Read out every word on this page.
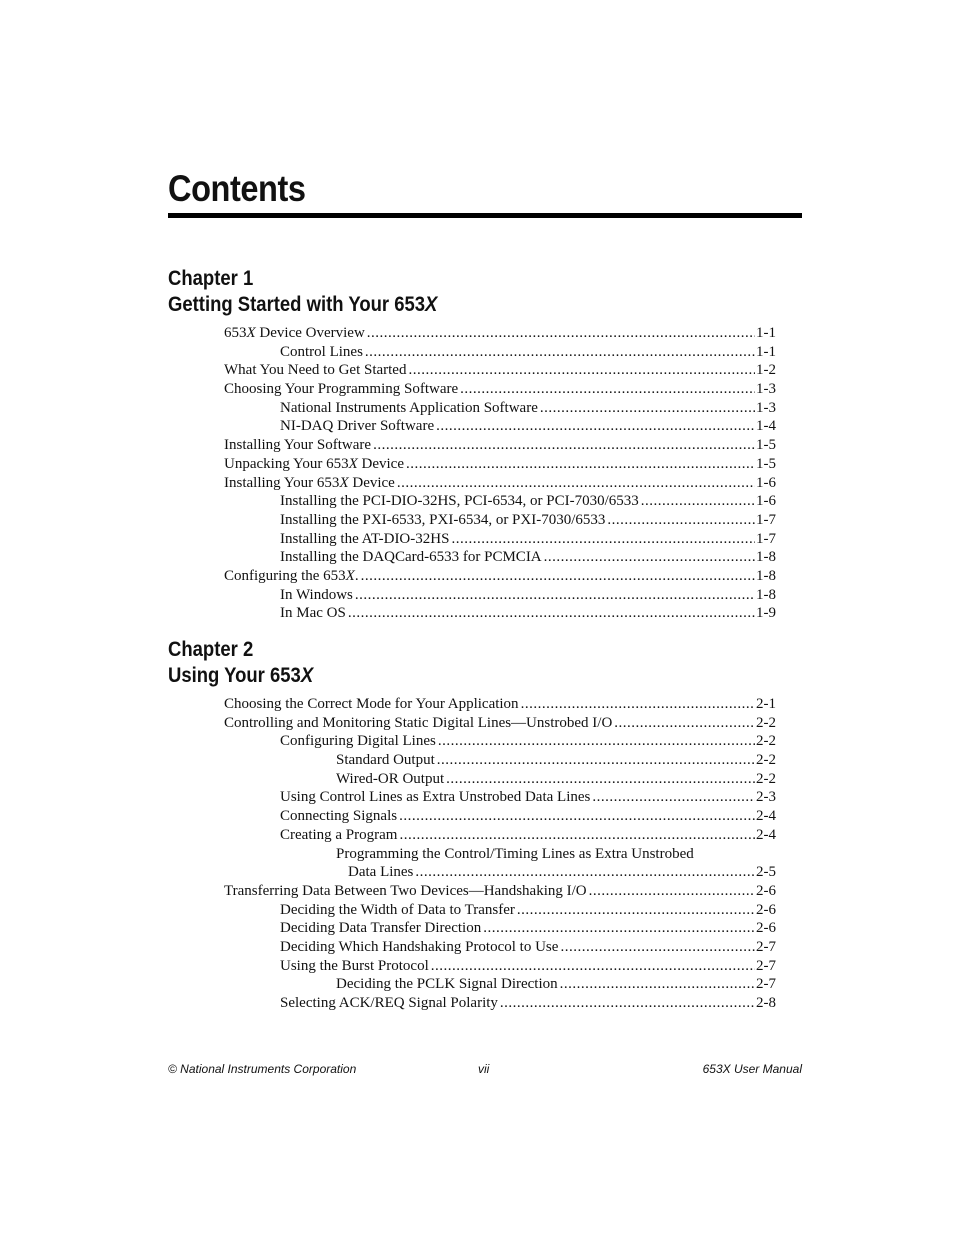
Contents
Chapter 1
Getting Started with Your 653X
653X Device Overview .....	1-1
Control Lines .....	1-1
What You Need to Get Started .....	1-2
Choosing Your Programming Software .....	1-3
National Instruments Application Software .....	1-3
NI-DAQ Driver Software .....	1-4
Installing Your Software .....	1-5
Unpacking Your 653X Device .....	1-5
Installing Your 653X Device .....	1-6
Installing the PCI-DIO-32HS, PCI-6534, or PCI-7030/6533 .....	1-6
Installing the PXI-6533, PXI-6534, or PXI-7030/6533 .....	1-7
Installing the AT-DIO-32HS .....	1-7
Installing the DAQCard-6533 for PCMCIA .....	1-8
Configuring the 653X. .....	1-8
In Windows .....	1-8
In Mac OS .....	1-9
Chapter 2
Using Your 653X
Choosing the Correct Mode for Your Application .....	2-1
Controlling and Monitoring Static Digital Lines—Unstrobed I/O .....	2-2
Configuring Digital Lines .....	2-2
Standard Output .....	2-2
Wired-OR Output .....	2-2
Using Control Lines as Extra Unstrobed Data Lines .....	2-3
Connecting Signals .....	2-4
Creating a Program .....	2-4
Programming the Control/Timing Lines as Extra Unstrobed
Data Lines .....	2-5
Transferring Data Between Two Devices—Handshaking I/O .....	2-6
Deciding the Width of Data to Transfer .....	2-6
Deciding Data Transfer Direction .....	2-6
Deciding Which Handshaking Protocol to Use .....	2-7
Using the Burst Protocol .....	2-7
Deciding the PCLK Signal Direction .....	2-7
Selecting ACK/REQ Signal Polarity .....	2-8
© National Instruments Corporation	vii	653X User Manual
